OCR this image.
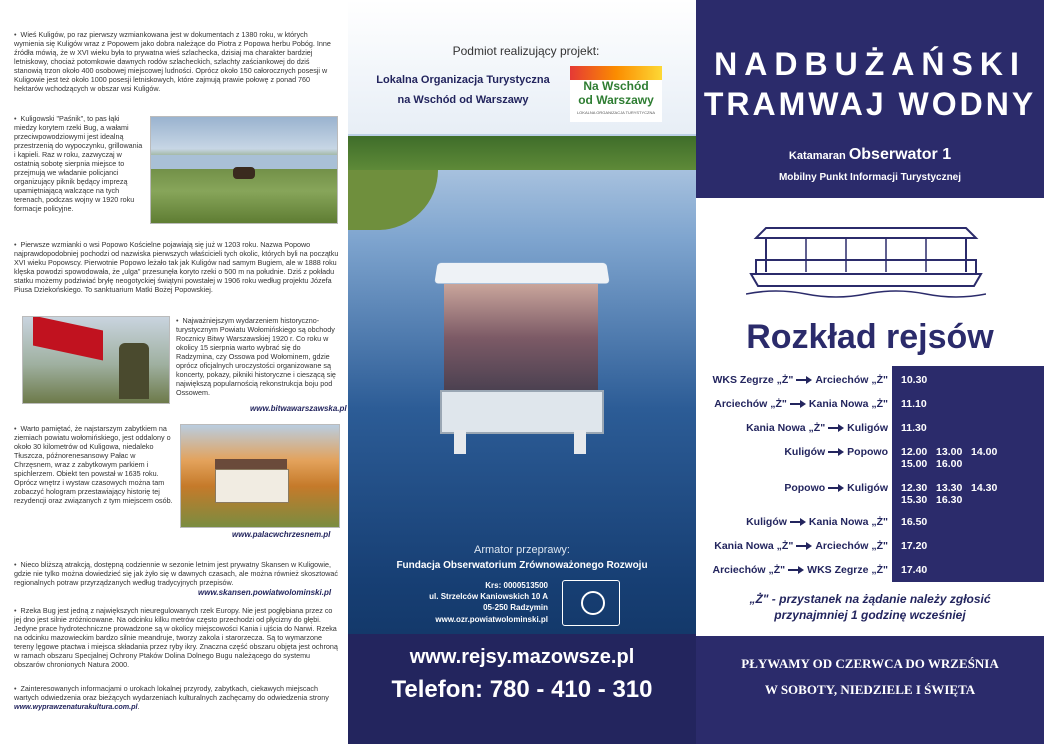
• Wieś Kuligów, po raz pierwszy wzmiankowana jest w dokumentach z 1380 roku, w których wymienia się Kuligów wraz z Popowem jako dobra należące do Piotra z Popowa herbu Pobóg. Inne źródła mówią, że w XVI wieku była to prywatna wieś szlachecka, dzisiaj ma charakter bardziej letniskowy, chociaż potomkowie dawnych rodów szlacheckich, szlachty zaściankowej do dziś stanowią trzon około 400 osobowej miejscowej ludności. Oprócz około 150 całorocznych posesji w Kuligowie jest też około 1000 posesji letniskowych, które zajmują prawie połowę z ponad 760 hektarów wchodzących w obszar wsi Kuligów.

• Kuligowski "Paśnik", to pas łąki miedzy korytem rzeki Bug, a wałami przeciwpowodziowymi jest idealną przestrzenią do wypoczynku, grillowania i kąpieli. Raz w roku, zazwyczaj w ostatnią sobotę sierpnia miejsce to przejmują we władanie policjanci organizujący piknik będący imprezą upamiętniającą walczące na tych terenach, podczas wojny w 1920 roku formacje policyjne.

• Pierwsze wzmianki o wsi Popowo Kościelne pojawiają się już w 1203 roku. Nazwa Popowo najprawdopodobniej pochodzi od nazwiska pierwszych właścicieli tych okolic, których byli na początku XVI wieku Popowscy. Pierwotnie Popowo leżało tak jak Kuligów nad samym Bugiem, ale w 1888 roku klęska powodzi spowodowała, że „ulga" przesunęła koryto rzeki o 500 m na południe. Dziś z pokładu statku możemy podziwiać bryłę neogotyckiej świątyni powstałej w 1906 roku według projektu Józefa Piusa Dziekońskiego. To sanktuarium Matki Bożej Popowskiej.

• Najważniejszym wydarzeniem historyczno-turystycznym Powiatu Wołomińskiego są obchody Rocznicy Bitwy Warszawskiej 1920 r. Co roku w okolicy 15 sierpnia warto wybrać się do Radzymina, czy Ossowa pod Wołominem, gdzie oprócz oficjalnych uroczystości organizowane są koncerty, pokazy, pikniki historyczne i cieszącą się największą popularnością rekonstrukcja boju pod Ossowem.

www.bitwawarszawska.pl

• Warto pamiętać, że najstarszym zabytkiem na ziemiach powiatu wołomińskiego, jest oddalony o około 30 kilometrów od Kuligowa, niedaleko Tłuszcza, późnorenesansowy Pałac w Chrzęsnem, wraz z zabytkowym parkiem i spichlerzem. Obiekt ten powstał w 1635 roku. Oprócz wnętrz i wystaw czasowych można tam zobaczyć hologram przestawiający historię tej rezydencji oraz związanych z tym miejscem osób.

www.palacwchrzesnem.pl

• Nieco bliższą atrakcją, dostępną codziennie w sezonie letnim jest prywatny Skansen w Kuligowie, gdzie nie tylko można dowiedzieć się jak żyło się w dawnych czasach, ale można również skosztować regionalnych potraw przyrządzanych według tradycyjnych przepisów.

www.skansen.powiatwolominski.pl

• Rzeka Bug jest jedną z największych nieuregulowanych rzek Europy. Nie jest pogłębiana przez co jej dno jest silnie zróżnicowane. Na odcinku kilku metrów często przechodzi od płycizny do głębi. Jedyne prace hydrotechniczne prowadzone są w okolicy miejscowości Kania i ujścia do Narwi. Rzeka na odcinku mazowieckim bardzo silnie meandruje, tworzy zakola i starorzecza. Są to wymarzone tereny lęgowe ptactwa i miejsca składania przez ryby ikry. Znaczna część obszaru objęta jest ochroną w ramach obszaru Specjalnej Ochrony Ptaków Dolina Dolnego Bugu należącego do systemu obszarów chronionych Natura 2000.

• Zainteresowanych informacjami o urokach lokalnej przyrody, zabytkach, ciekawych miejscach wartych odwiedzenia oraz bieżących wydarzeniach kulturalnych zachęcamy do odwiedzenia strony www.wyprawzenaturakultura.com.pl.

Podmiot realizujący projekt:
Lokalna Organizacja Turystyczna
na Wschód od Warszawy
Na Wschód
od Warszawy
LOKALNA ORGANIZACJA TURYSTYCZNA
Armator przeprawy:
Fundacja Obserwatorium Zrównoważonego Rozwoju
Krs: 0000513500
ul. Strzelców Kaniowskich 10 A
05-250 Radzymin
www.ozr.powiatwolominski.pl
www.rejsy.mazowsze.pl
Telefon: 780 - 410 - 310
NADBUŻAŃSKI
TRAMWAJ WODNY
Katamaran Obserwator 1
Mobilny Punkt Informacji Turystycznej
Rozkład rejsów
WKS Zegrze „Ż" Arciechów „Ż" 10.30
Arciechów „Ż" Kania Nowa „Ż" 11.10
Kania Nowa „Ż" Kuligów 11.30
Kuligów Popowo 12.00   13.00   14.00
15.00   16.00
Popowo Kuligów 12.30   13.30   14.30
15.30   16.30
Kuligów Kania Nowa „Ż" 16.50
Kania Nowa „Ż" Arciechów „Ż" 17.20
Arciechów „Ż" WKS Zegrze „Ż" 17.40
„Ż" - przystanek na żądanie należy zgłosić
przynajmniej 1 godzinę wcześniej
PŁYWAMY OD CZERWCA DO WRZEŚNIA
W SOBOTY, NIEDZIELE I ŚWIĘTA
